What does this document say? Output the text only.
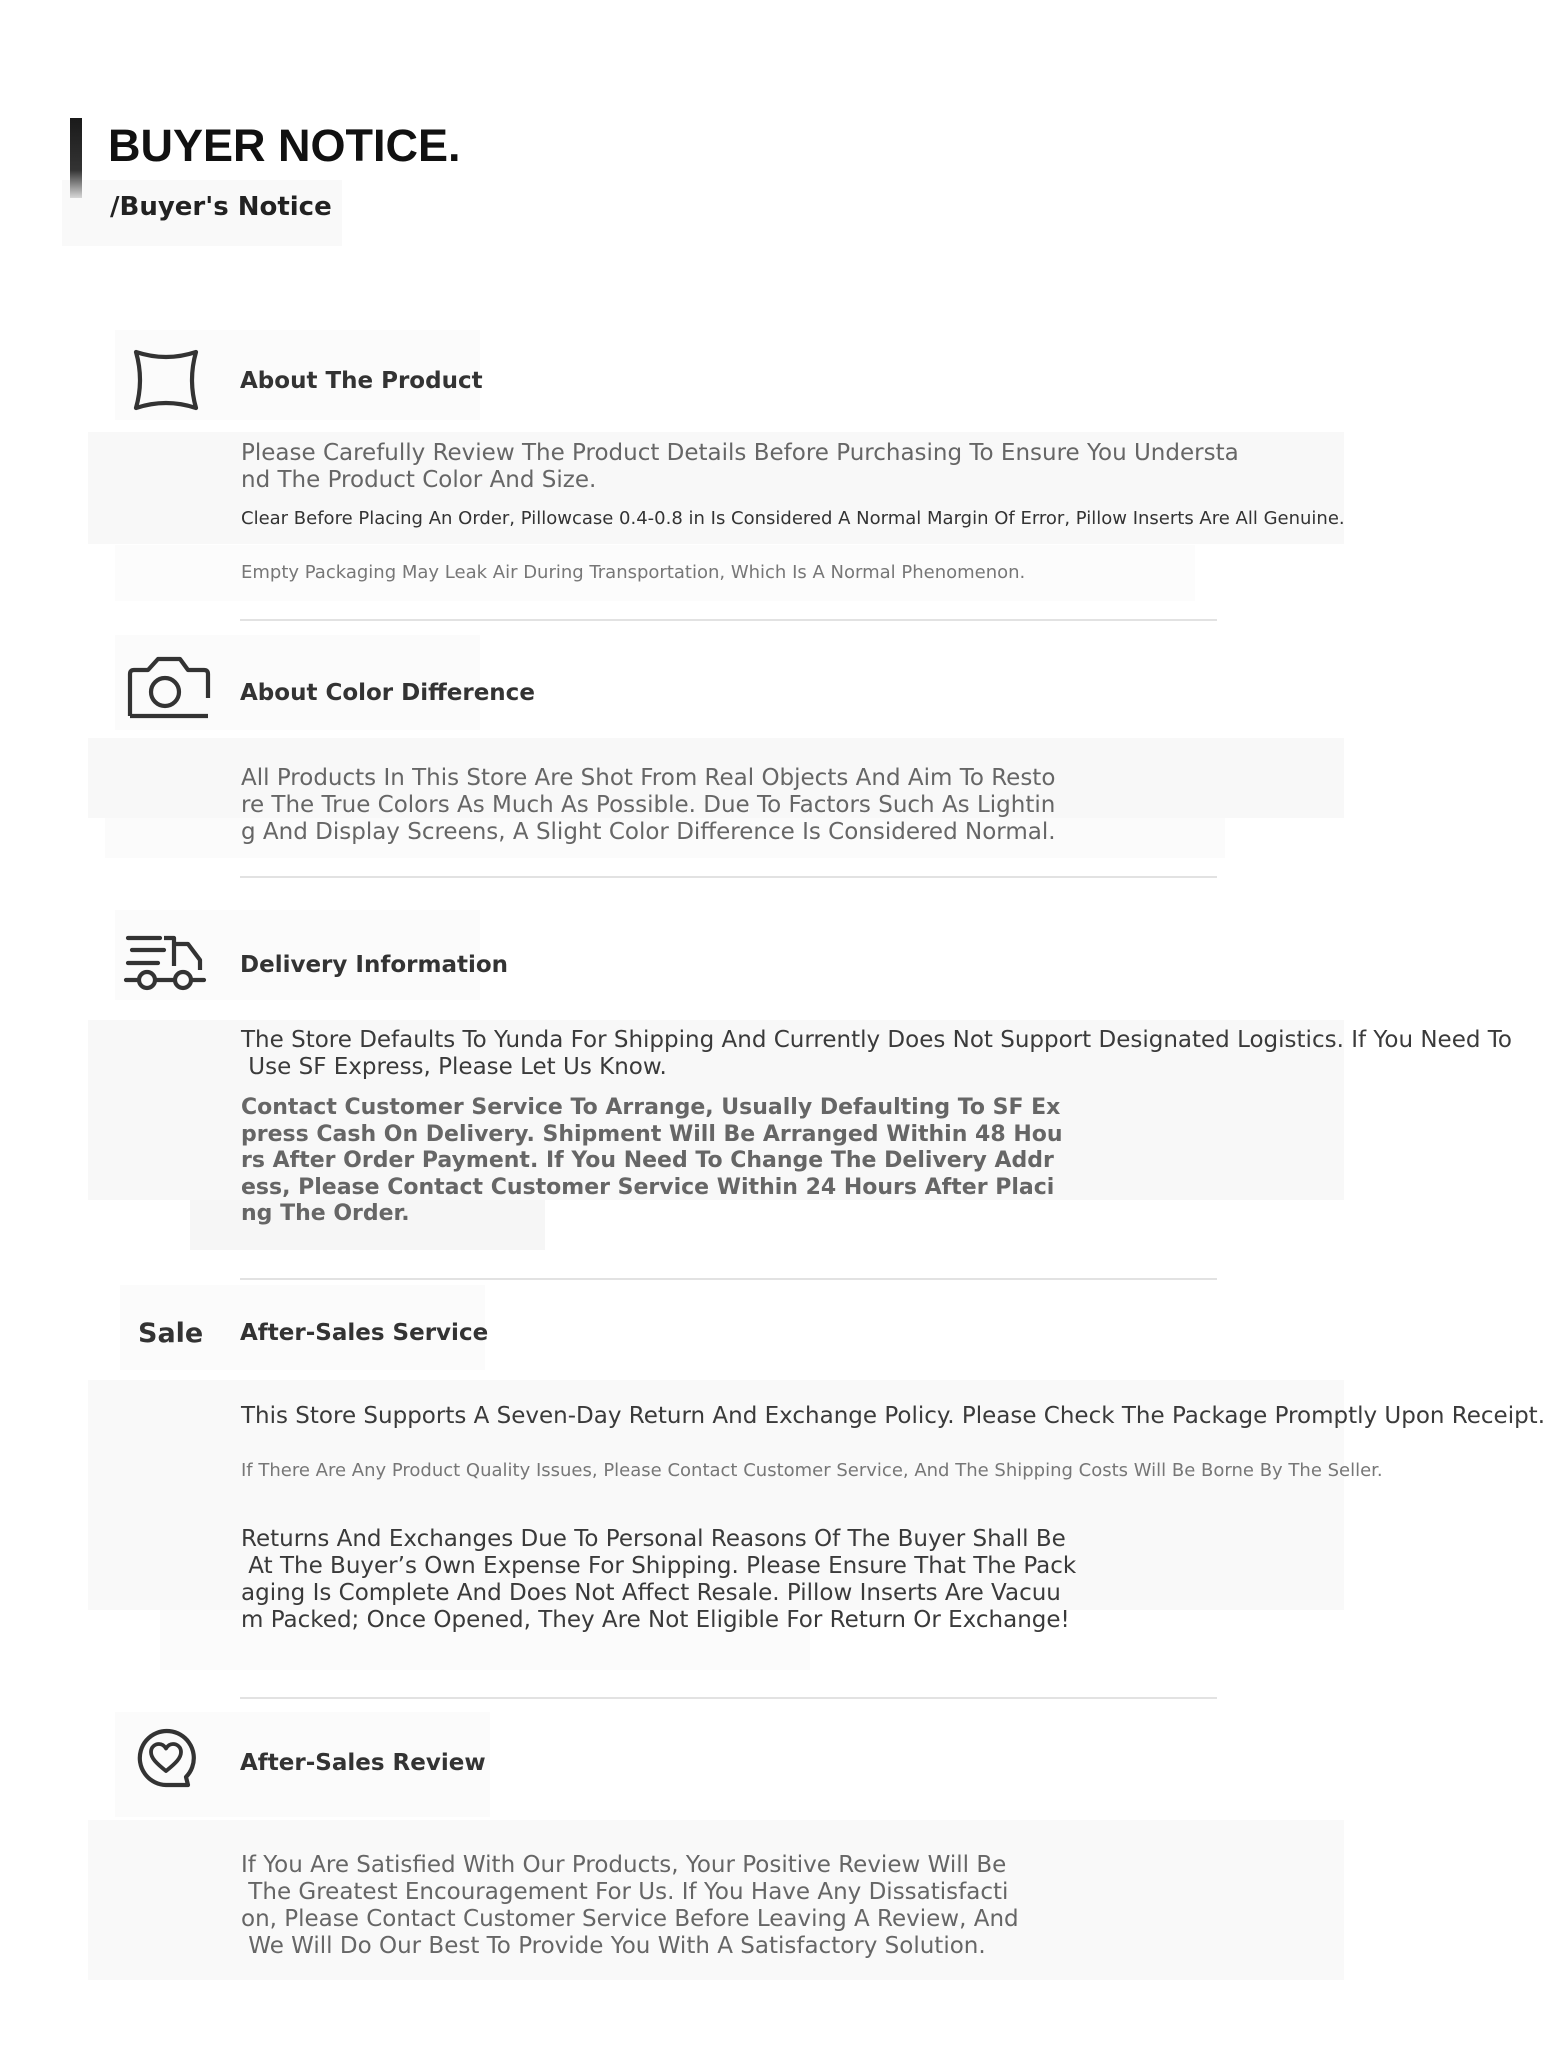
BUYER NOTICE.
/Buyer's Notice
About The Product
Please Carefully Review The Product Details Before Purchasing To Ensure You Understa
nd The Product Color And Size.
Clear Before Placing An Order, Pillowcase 0.4-0.8 in Is Considered A Normal Margin Of Error, Pillow Inserts Are All Genuine.
Empty Packaging May Leak Air During Transportation, Which Is A Normal Phenomenon.
About Color Difference
All Products In This Store Are Shot From Real Objects And Aim To Resto
re The True Colors As Much As Possible. Due To Factors Such As Lightin
g And Display Screens, A Slight Color Difference Is Considered Normal.
Delivery Information
The Store Defaults To Yunda For Shipping And Currently Does Not Support Designated Logistics. If You Need To
Use SF Express, Please Let Us Know.
Contact Customer Service To Arrange, Usually Defaulting To SF Ex
press Cash On Delivery. Shipment Will Be Arranged Within 48 Hou
rs After Order Payment. If You Need To Change The Delivery Addr
ess, Please Contact Customer Service Within 24 Hours After Placi
ng The Order.
Sale After-Sales Service
This Store Supports A Seven-Day Return And Exchange Policy. Please Check The Package Promptly Upon Receipt.
If There Are Any Product Quality Issues, Please Contact Customer Service, And The Shipping Costs Will Be Borne By The Seller.
Returns And Exchanges Due To Personal Reasons Of The Buyer Shall Be
At The Buyer’s Own Expense For Shipping. Please Ensure That The Pack
aging Is Complete And Does Not Affect Resale. Pillow Inserts Are Vacuu
m Packed; Once Opened, They Are Not Eligible For Return Or Exchange!
After-Sales Review
If You Are Satisfied With Our Products, Your Positive Review Will Be
The Greatest Encouragement For Us. If You Have Any Dissatisfacti
on, Please Contact Customer Service Before Leaving A Review, And
We Will Do Our Best To Provide You With A Satisfactory Solution.
